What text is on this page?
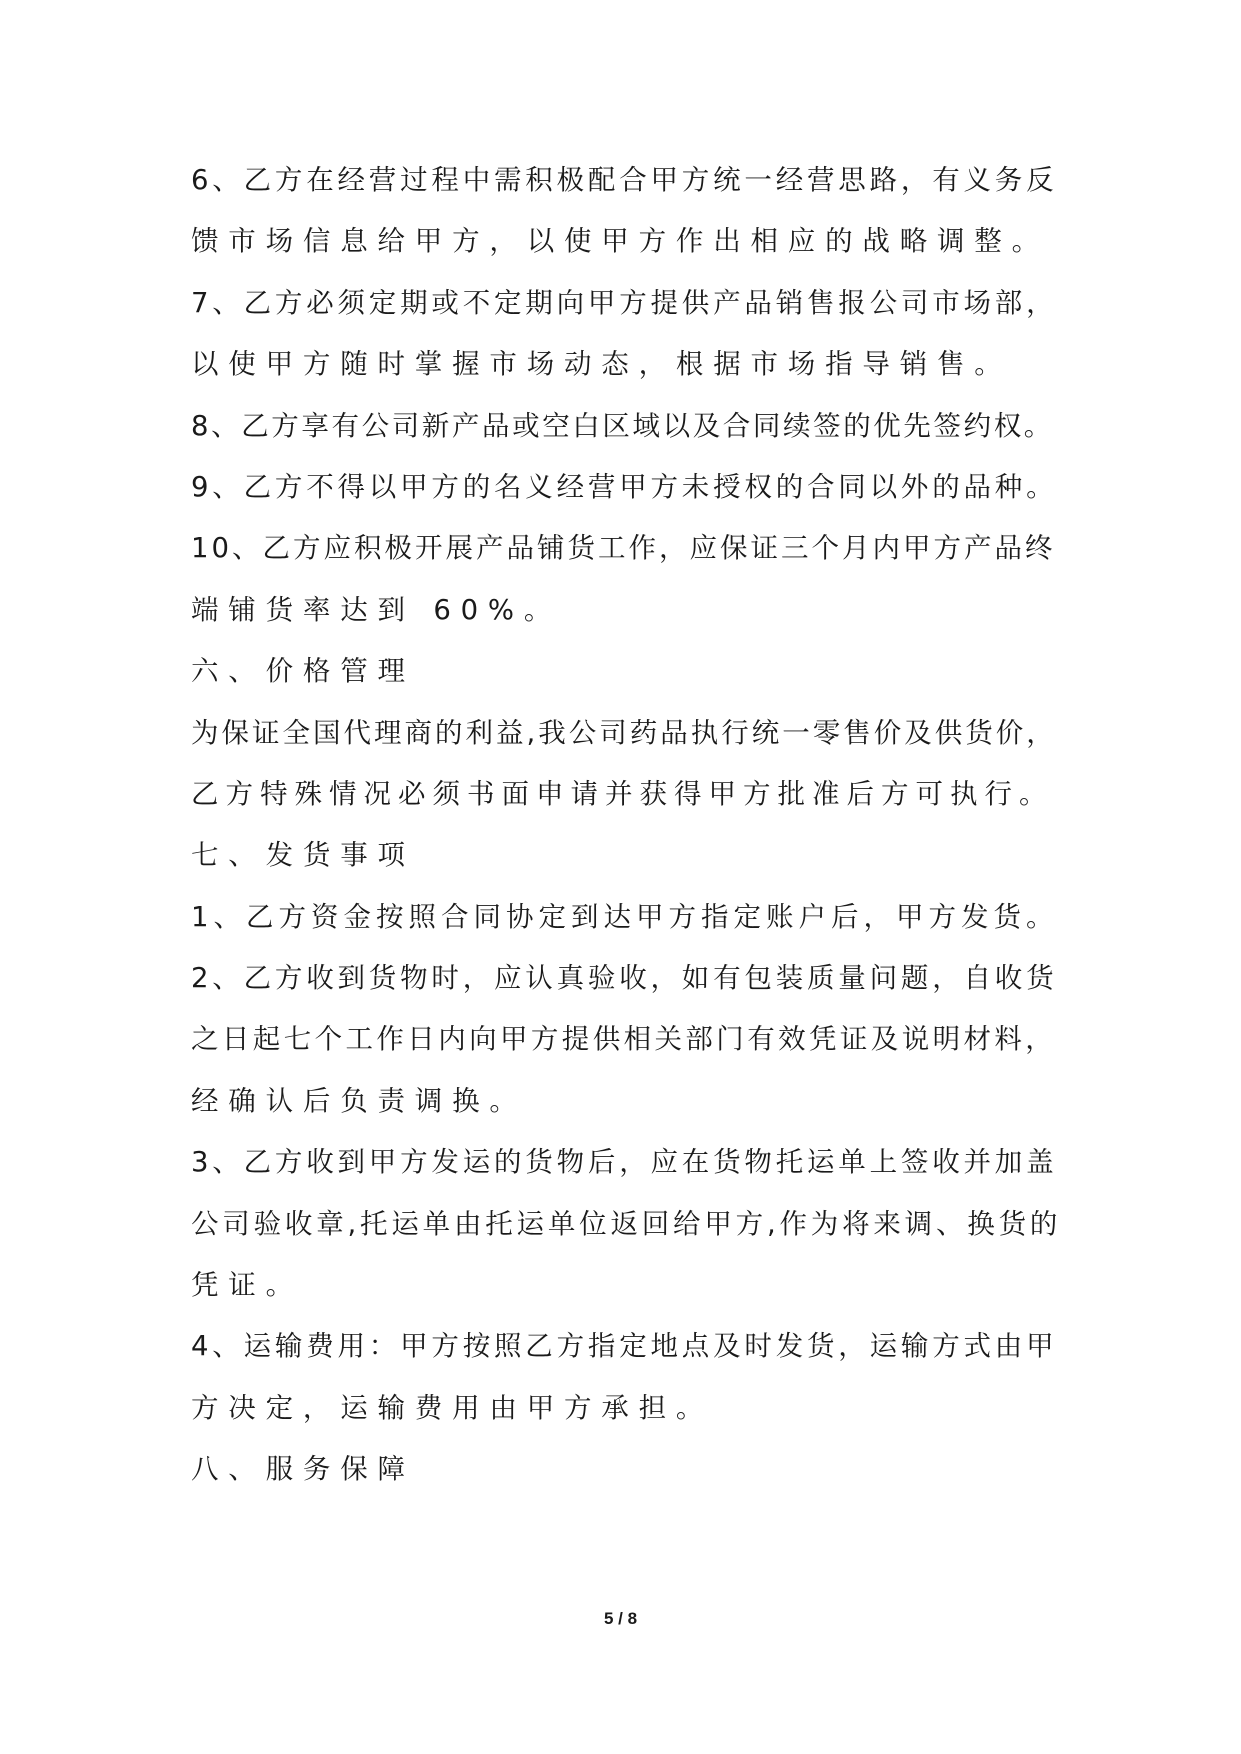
6、乙方在经营过程中需积极配合甲方统一经营思路，有义务反

馈市场信息给甲方，以使甲方作出相应的战略调整。

7、乙方必须定期或不定期向甲方提供产品销售报公司市场部，

以使甲方随时掌握市场动态，根据市场指导销售。

8、乙方享有公司新产品或空白区域以及合同续签的优先签约权。

9、乙方不得以甲方的名义经营甲方未授权的合同以外的品种。

10、乙方应积极开展产品铺货工作，应保证三个月内甲方产品终

端铺货率达到 60%。

六、价格管理

为保证全国代理商的利益,我公司药品执行统一零售价及供货价，

乙方特殊情况必须书面申请并获得甲方批准后方可执行。

七、发货事项

1、乙方资金按照合同协定到达甲方指定账户后，甲方发货。

2、乙方收到货物时，应认真验收，如有包装质量问题，自收货

之日起七个工作日内向甲方提供相关部门有效凭证及说明材料，

经确认后负责调换。

3、乙方收到甲方发运的货物后，应在货物托运单上签收并加盖

公司验收章,托运单由托运单位返回给甲方,作为将来调、换货的

凭证。

4、运输费用：甲方按照乙方指定地点及时发货，运输方式由甲

方决定，运输费用由甲方承担。

八、服务保障

5 / 8
